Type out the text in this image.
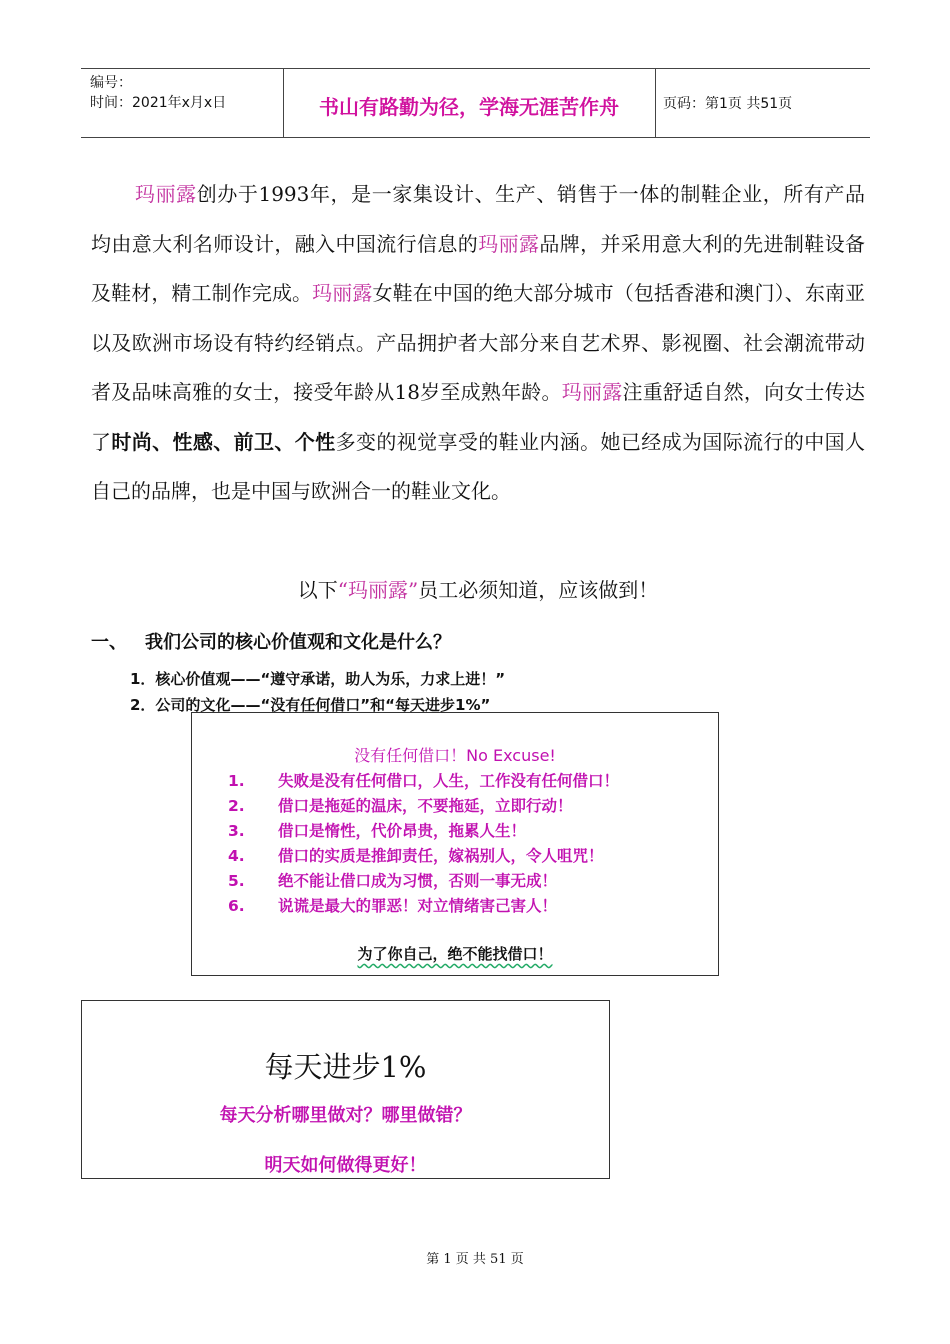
编号：
时间：2021年x月x日	书山有路勤为径，学海无涯苦作舟	页码：第1页 共51页

玛丽露创办于1993年，是一家集设计、生产、销售于一体的制鞋企业，所有产品均由意大利名师设计，融入中国流行信息的玛丽露品牌，并采用意大利的先进制鞋设备及鞋材，精工制作完成。玛丽露女鞋在中国的绝大部分城市（包括香港和澳门）、东南亚以及欧洲市场设有特约经销点。产品拥护者大部分来自艺术界、影视圈、社会潮流带动者及品味高雅的女士，接受年龄从18岁至成熟年龄。玛丽露注重舒适自然，向女士传达了时尚、性感、前卫、个性多变的视觉享受的鞋业内涵。她已经成为国际流行的中国人自己的品牌，也是中国与欧洲合一的鞋业文化。

以下“玛丽露”员工必须知道，应该做到！
一、 我们公司的核心价值观和文化是什么？
1．核心价值观——“遵守承诺，助人为乐，力求上进！”
2．公司的文化——“没有任何借口”和“每天进步1%”
没有任何借口！No Excuse!
1. 失败是没有任何借口，人生，工作没有任何借口！
2. 借口是拖延的温床，不要拖延，立即行动！
3. 借口是惰性，代价昂贵，拖累人生！
4. 借口的实质是推卸责任，嫁祸别人，令人咀咒！
5. 绝不能让借口成为习惯，否则一事无成！
6. 说谎是最大的罪恶！对立情绪害己害人！
为了你自己，绝不能找借口！
每天进步1%
每天分析哪里做对？哪里做错？
明天如何做得更好！
第 1 页 共 51 页
